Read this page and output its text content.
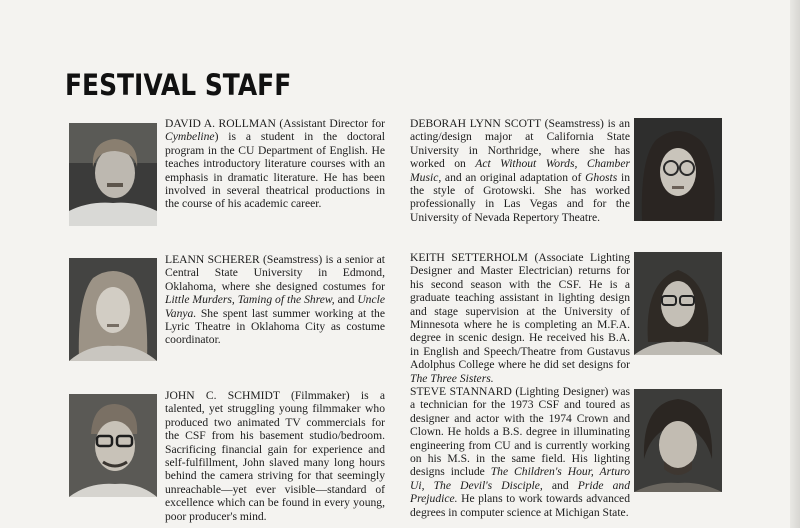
FESTIVAL STAFF
DAVID A. ROLLMAN (Assistant Director for Cymbeline) is a student in the doctoral program in the CU Department of English. He teaches introductory literature courses with an emphasis in dramatic literature. He has been involved in several theatrical productions in the course of his academic career.
DEBORAH LYNN SCOTT (Seamstress) is an acting/design major at California State University in Northridge, where she has worked on Act Without Words, Chamber Music, and an original adaptation of Ghosts in the style of Grotowski. She has worked professionally in Las Vegas and for the University of Nevada Repertory Theatre.
LEANN SCHERER (Seamstress) is a senior at Central State University in Edmond, Oklahoma, where she designed costumes for Little Murders, Taming of the Shrew, and Uncle Vanya. She spent last summer working at the Lyric Theatre in Oklahoma City as costume coordinator.
KEITH SETTERHOLM (Associate Lighting Designer and Master Electrician) returns for his second season with the CSF. He is a graduate teaching assistant in lighting design and stage supervision at the University of Minnesota where he is completing an M.F.A. degree in scenic design. He received his B.A. in English and Speech/Theatre from Gustavus Adolphus College where he did set designs for The Three Sisters.
JOHN C. SCHMIDT (Filmmaker) is a talented, yet struggling young filmmaker who produced two animated TV commercials for the CSF from his basement studio/bedroom. Sacrificing financial gain for experience and self-fulfillment, John slaved many long hours behind the camera striving for that seemingly unreachable—yet ever visible—standard of excellence which can be found in every young, poor producer's mind.
STEVE STANNARD (Lighting Designer) was a technician for the 1973 CSF and toured as designer and actor with the 1974 Crown and Clown. He holds a B.S. degree in illuminating engineering from CU and is currently working on his M.S. in the same field. His lighting designs include The Children's Hour, Arturo Ui, The Devil's Disciple, and Pride and Prejudice. He plans to work towards advanced degrees in computer science at Michigan State.
